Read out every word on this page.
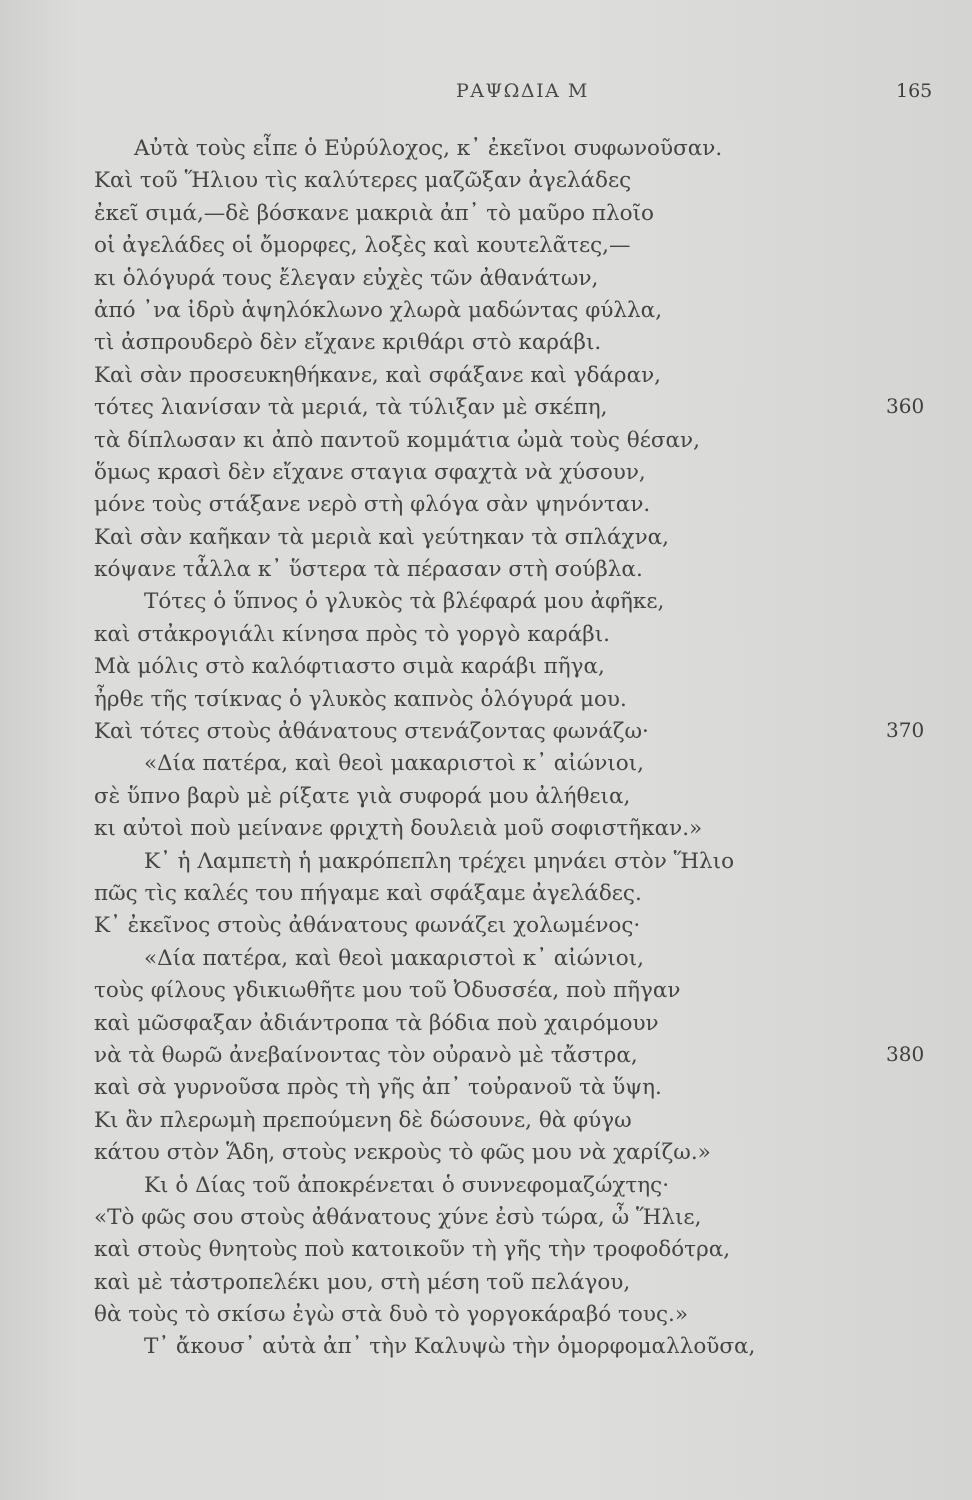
ΡΑΨΩΔΙΑ Μ	165
Αὐτὰ τοὺς εἶπε ὁ Εὐρύλοχος, κ᾿ ἐκεῖνοι συφωνοῦσαν.
Καὶ τοῦ Ἥλιου τὶς καλύτερες μαζῶξαν ἀγελάδες
ἐκεῖ σιμά,—δὲ βόσκανε μακριὰ ἀπ᾿ τὸ μαῦρο πλοῖο
οἱ ἀγελάδες οἱ ὄμορφες, λοξὲς καὶ κουτελᾶτες,—
κι ὁλόγυρά τους ἔλεγαν εὐχὲς τῶν ἀθανάτων,
ἀπό ᾿να ἰδρὺ ἁψηλόκλωνο χλωρὰ μαδώντας φύλλα,
τὶ ἀσπρουδερὸ δὲν εἴχανε κριθάρι στὸ καράβι.
Καὶ σὰν προσευκηθήκανε, καὶ σφάξανε καὶ γδάραν,
τότες λιανίσαν τὰ μεριά, τὰ τύλιξαν μὲ σκέπη,
τὰ δίπλωσαν κι ἀπὸ παντοῦ κομμάτια ὠμὰ τοὺς θέσαν,
ὅμως κρασὶ δὲν εἴχανε σταγια σφαχτὰ νὰ χύσουν,
μόνε τοὺς στάξανε νερὸ στὴ φλόγα σὰν ψηνόνταν.
Καὶ σὰν καῆκαν τὰ μεριὰ καὶ γεύτηκαν τὰ σπλάχνα,
κόψανε τἆλλα κ᾿ ὕστερα τὰ πέρασαν στὴ σούβλα.
Τότες ὁ ὕπνος ὁ γλυκὸς τὰ βλέφαρά μου ἀφῆκε,
καὶ στἀκρογιάλι κίνησα πρὸς τὸ γοργὸ καράβι.
Μὰ μόλις στὸ καλόφτιαστο σιμὰ καράβι πῆγα,
ἦρθε τῆς τσίκνας ὁ γλυκὸς καπνὸς ὁλόγυρά μου.
Καὶ τότες στοὺς ἀθάνατους στενάζοντας φωνάζω·
«Δία πατέρα, καὶ θεοὶ μακαριστοὶ κ᾿ αἰώνιοι,
σὲ ὕπνο βαρὺ μὲ ρίξατε γιὰ συφορά μου ἀλήθεια,
κι αὐτοὶ ποὺ μείνανε φριχτὴ δουλειὰ μοῦ σοφιστῆκαν.»
Κ᾿ ἡ Λαμπετὴ ἡ μακρόπεπλη τρέχει μηνάει στὸν Ἥλιο
πῶς τὶς καλές του πήγαμε καὶ σφάξαμε ἀγελάδες.
Κ᾿ ἐκεῖνος στοὺς ἀθάνατους φωνάζει χολωμένος·
«Δία πατέρα, καὶ θεοὶ μακαριστοὶ κ᾿ αἰώνιοι,
τοὺς φίλους γδικιωθῆτε μου τοῦ Ὀδυσσέα, ποὺ πῆγαν
καὶ μῶσφαξαν ἀδιάντροπα τὰ βόδια ποὺ χαιρόμουν
νὰ τὰ θωρῶ ἀνεβαίνοντας τὸν οὐρανὸ μὲ τἄστρα,
καὶ σὰ γυρνοῦσα πρὸς τὴ γῆς ἀπ᾿ τοὐρανοῦ τὰ ὕψη.
Κι ἂν πλερωμὴ πρεπούμενη δὲ δώσουνε, θὰ φύγω
κάτου στὸν Ἅδη, στοὺς νεκροὺς τὸ φῶς μου νὰ χαρίζω.»
Κι ὁ Δίας τοῦ ἀποκρένεται ὁ συννεφομαζώχτης·
«Τὸ φῶς σου στοὺς ἀθάνατους χύνε ἐσὺ τώρα, ὦ Ἥλιε,
καὶ στοὺς θνητοὺς ποὺ κατοικοῦν τὴ γῆς τὴν τροφοδότρα,
καὶ μὲ τἀστροπελέκι μου, στὴ μέση τοῦ πελάγου,
θὰ τοὺς τὸ σκίσω ἐγὼ στὰ δυὸ τὸ γοργοκάραβό τους.»
Τ᾿ ἄκουσ᾿ αὐτὰ ἀπ᾿ τὴν Καλυψὼ τὴν ὀμορφομαλλοῦσα,
360
370
380
